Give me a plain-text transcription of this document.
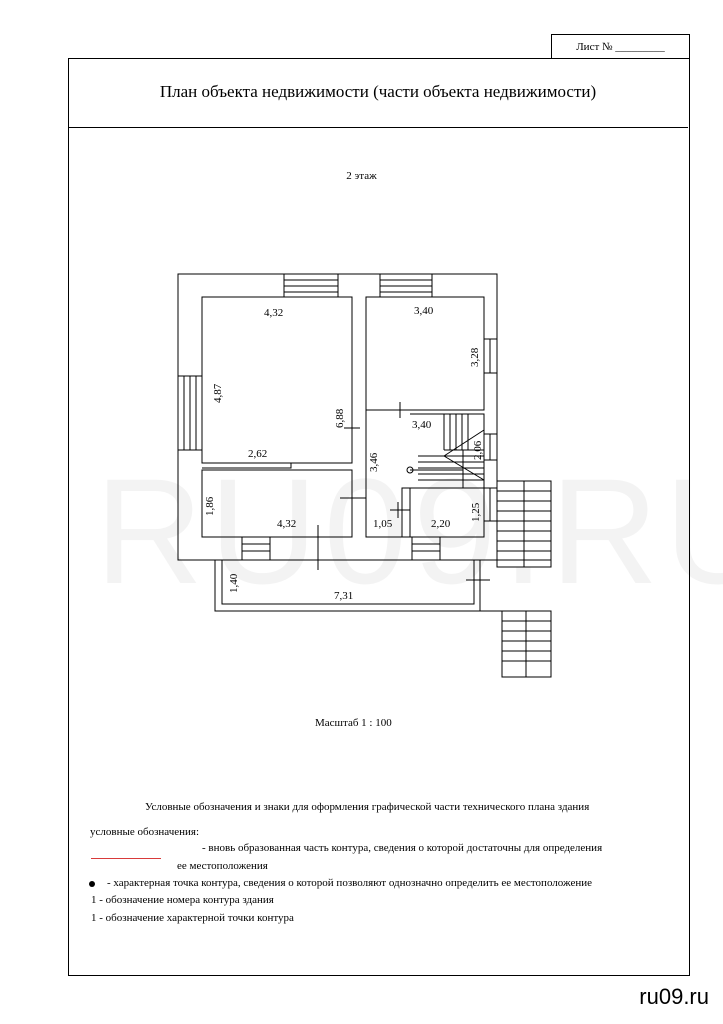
Лист № _________
План объекта недвижимости (части объекта недвижимости)
2 этаж
4,32
4,87
2,62
3,40
3,28
6,88	3,40
3,46
2,06
1,86
4,32	1,05	2,20
1,25
1,40
7,31
Масштаб 1 : 100
Условные обозначения и знаки для оформления графической части технического плана здания
условные обозначения:
- вновь образованная часть контура, сведения о которой достаточны для определения
ее местоположения
- характерная точка контура, сведения о которой позволяют однозначно определить ее местоположение
1 - обозначение номера контура здания
1 - обозначение характерной точки контура
ru09.ru
